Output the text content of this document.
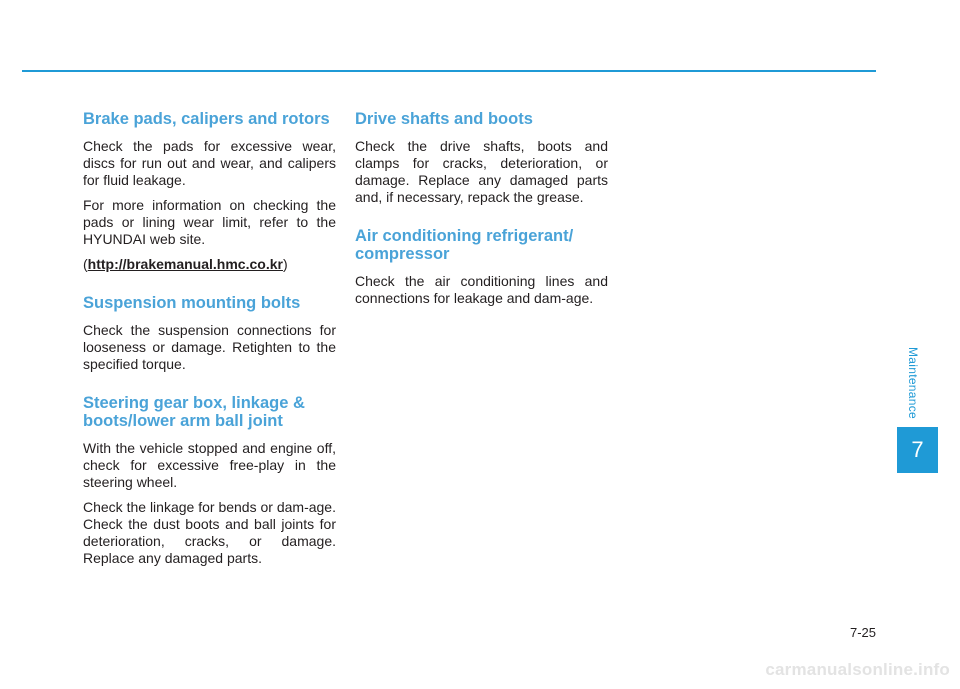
Brake pads, calipers and rotors

Check the pads for excessive wear, discs for run out and wear, and calipers for fluid leakage.

For more information on checking the pads or lining wear limit, refer to the HYUNDAI web site.

(http://brakemanual.hmc.co.kr)

Suspension mounting bolts

Check the suspension connections for looseness or damage. Retighten to the specified torque.

Steering gear box, linkage & boots/lower arm ball joint

With the vehicle stopped and engine off, check for excessive free-play in the steering wheel.

Check the linkage for bends or dam-age. Check the dust boots and ball joints for deterioration, cracks, or damage. Replace any damaged parts.

Drive shafts and boots

Check the drive shafts, boots and clamps for cracks, deterioration, or damage. Replace any damaged parts and, if necessary, repack the grease.

Air conditioning refrigerant/ compressor

Check the air conditioning lines and connections for leakage and dam-age.

Maintenance
7
7-25
carmanualsonline.info
